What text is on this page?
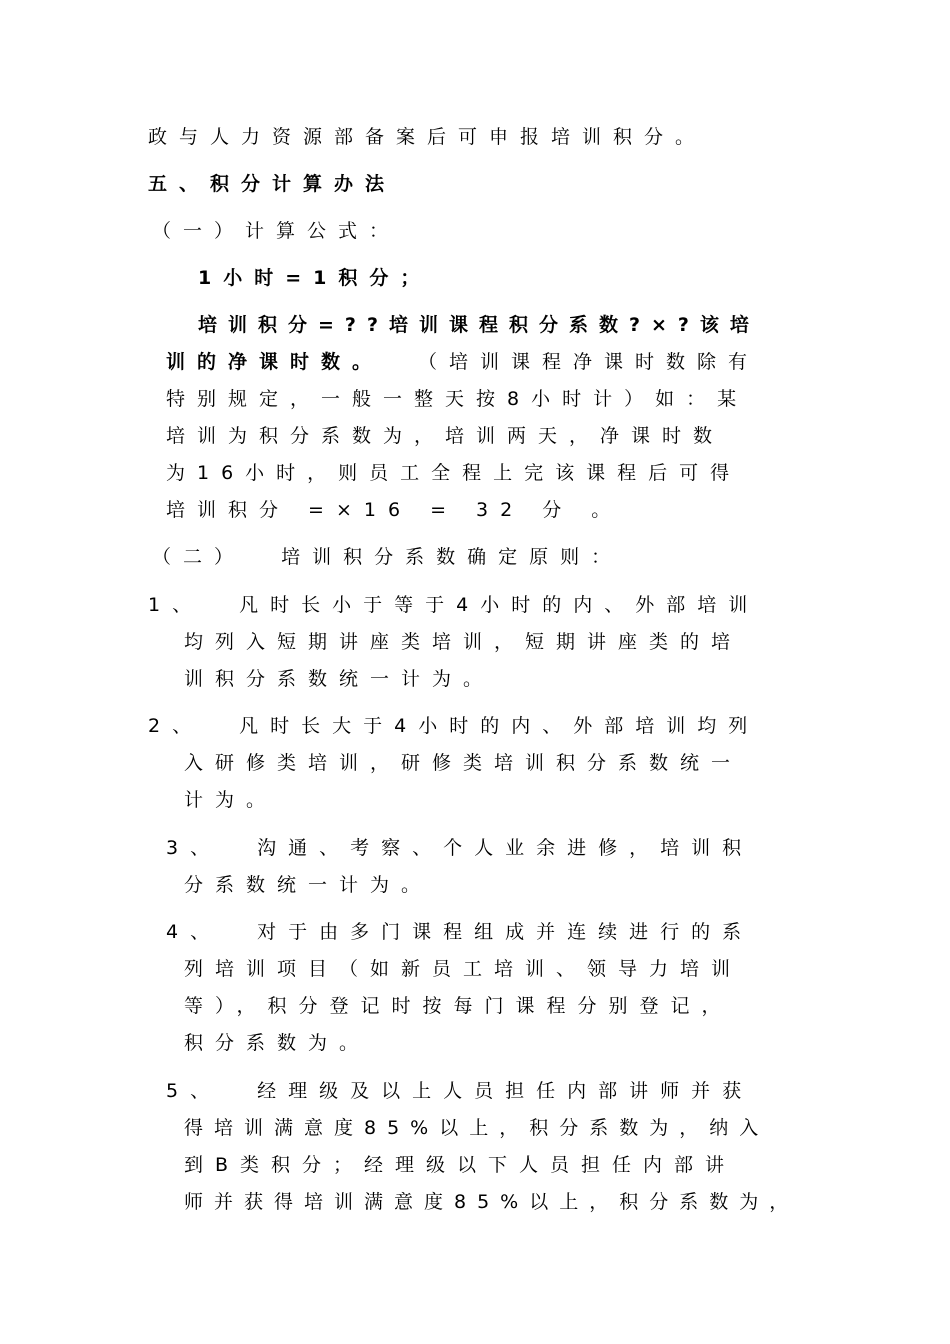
政与人力资源部备案后可申报培训积分。
五、积分计算办法
（一）计算公式：
1小时=1积分；
培训积分=??培训课程积分系数?×?该培
训的净课时数。 （培训课程净课时数除有
特别规定，一般一整天按8小时计）如：某
培训为积分系数为，培训两天，净课时数
为16小时，则员工全程上完该课程后可得
培训积分 =×16 = 32 分 。
（二）  培训积分系数确定原则：
1、  凡时长小于等于4小时的内、外部培训
均列入短期讲座类培训，短期讲座类的培
训积分系数统一计为。
2、  凡时长大于4小时的内、外部培训均列
入研修类培训，研修类培训积分系数统一
计为。
3、  沟通、考察、个人业余进修，培训积
分系数统一计为。
4、  对于由多门课程组成并连续进行的系
列培训项目（如新员工培训、领导力培训
等），积分登记时按每门课程分别登记，
积分系数为。
5、  经理级及以上人员担任内部讲师并获
得培训满意度85%以上，积分系数为，纳入
到B类积分；经理级以下人员担任内部讲
师并获得培训满意度85%以上，积分系数为，
